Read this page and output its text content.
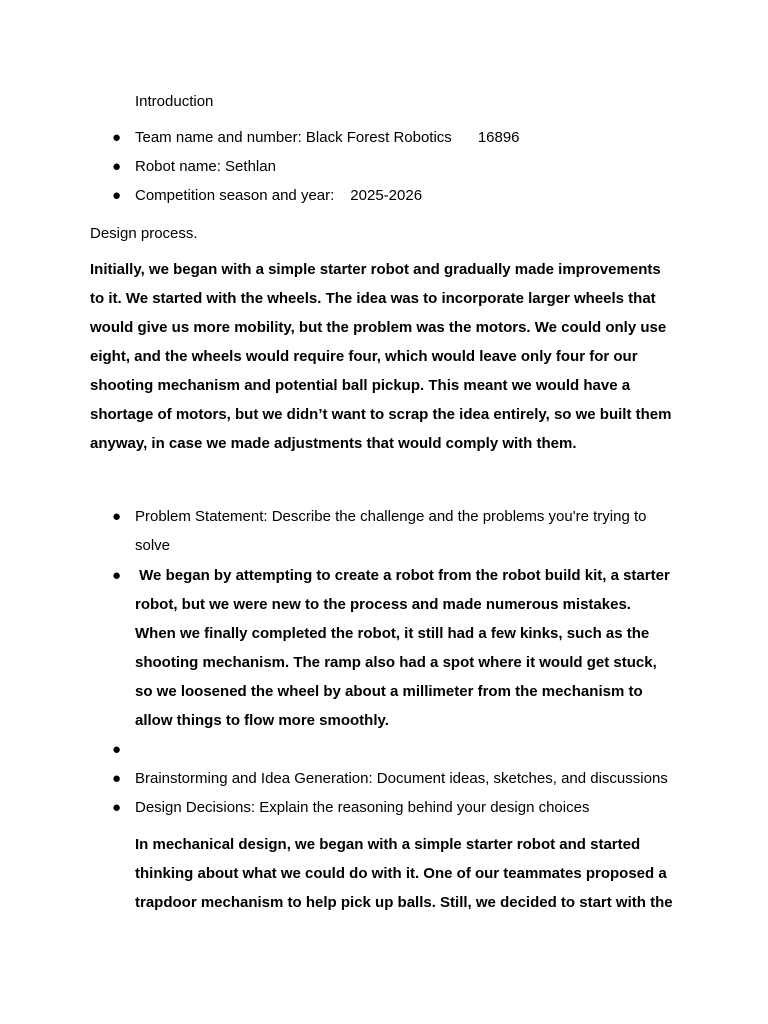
Introduction
● Team name and number: Black Forest Robotics 16896
● Robot name: Sethlan
● Competition season and year: 2025-2026
Design process.
Initially, we began with a simple starter robot and gradually made improvements
to it. We started with the wheels. The idea was to incorporate larger wheels that
would give us more mobility, but the problem was the motors. We could only use
eight, and the wheels would require four, which would leave only four for our
shooting mechanism and potential ball pickup. This meant we would have a
shortage of motors, but we didn’t want to scrap the idea entirely, so we built them
anyway, in case we made adjustments that would comply with them.
● Problem Statement: Describe the challenge and the problems you're trying to
solve
● We began by attempting to create a robot from the robot build kit, a starter
robot, but we were new to the process and made numerous mistakes.
When we finally completed the robot, it still had a few kinks, such as the
shooting mechanism. The ramp also had a spot where it would get stuck,
so we loosened the wheel by about a millimeter from the mechanism to
allow things to flow more smoothly.
●
● Brainstorming and Idea Generation: Document ideas, sketches, and discussions
● Design Decisions: Explain the reasoning behind your design choices
In mechanical design, we began with a simple starter robot and started
thinking about what we could do with it. One of our teammates proposed a
trapdoor mechanism to help pick up balls. Still, we decided to start with the
